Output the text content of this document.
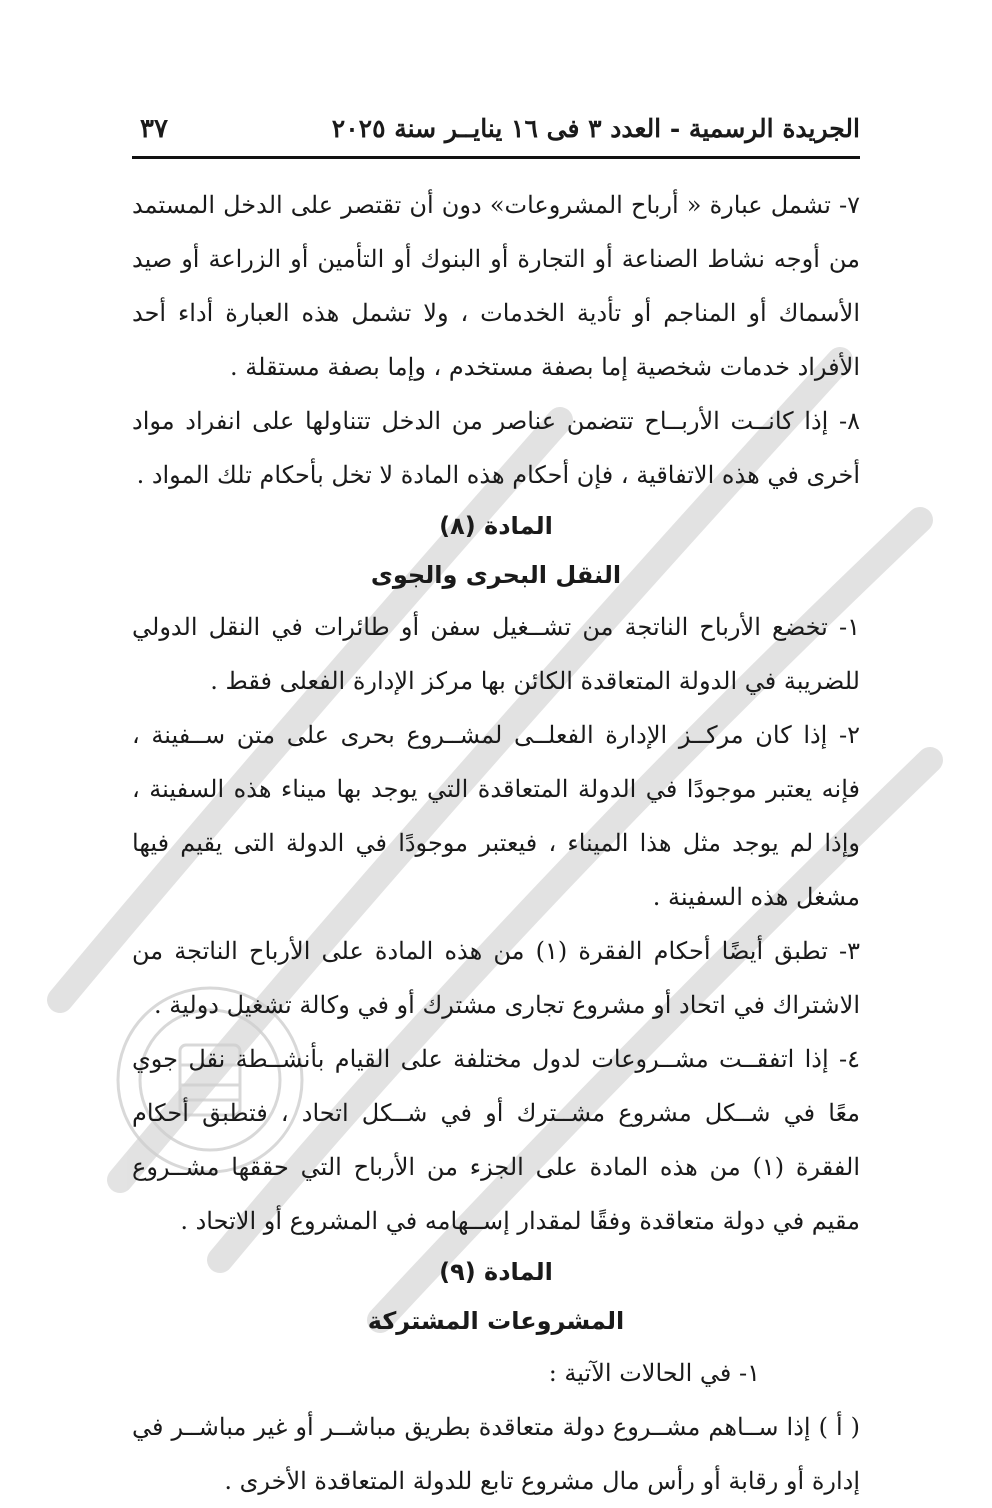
الجريدة الرسمية - العدد ٣ فى ١٦ ينايــر سنة ٢٠٢٥
٣٧

٧- تشمل عبارة « أرباح المشروعات» دون أن تقتصر على الدخل المستمد من أوجه نشاط الصناعة أو التجارة أو البنوك أو التأمين أو الزراعة أو صيد الأسماك أو المناجم أو تأدية الخدمات ، ولا تشمل هذه العبارة أداء أحد الأفراد خدمات شخصية إما بصفة مستخدم ، وإما بصفة مستقلة .

٨- إذا كانــت الأربــاح تتضمن عناصر من الدخل تتناولها على انفراد مواد أخرى في هذه الاتفاقية ، فإن أحكام هذه المادة لا تخل بأحكام تلك المواد .

المادة (٨)
النقل البحرى والجوى

١- تخضع الأرباح الناتجة من تشــغيل سفن أو طائرات في النقل الدولي للضريبة في الدولة المتعاقدة الكائن بها مركز الإدارة الفعلى فقط .

٢- إذا كان مركــز الإدارة الفعلــى لمشــروع بحرى على متن ســفينة ، فإنه يعتبر موجودًا في الدولة المتعاقدة التي يوجد بها ميناء هذه السفينة ، وإذا لم يوجد مثل هذا الميناء ، فيعتبر موجودًا في الدولة التى يقيم فيها مشغل هذه السفينة .

٣- تطبق أيضًا أحكام الفقرة (١) من هذه المادة على الأرباح الناتجة من الاشتراك في اتحاد أو مشروع تجارى مشترك أو في وكالة تشغيل دولية .

٤- إذا اتفقــت مشــروعات لدول مختلفة على القيام بأنشــطة نقل جوي معًا في شــكل مشروع مشــترك أو في شــكل اتحاد ، فتطبق أحكام الفقرة (١) من هذه المادة على الجزء من الأرباح التي حققها مشــروع مقيم في دولة متعاقدة وفقًا لمقدار إســهامه في المشروع أو الاتحاد .

المادة (٩)
المشروعات المشتركة

١- في الحالات الآتية :

( أ ) إذا ســاهم مشــروع دولة متعاقدة بطريق مباشــر أو غير مباشــر في إدارة أو رقابة أو رأس مال مشروع تابع للدولة المتعاقدة الأخرى .
